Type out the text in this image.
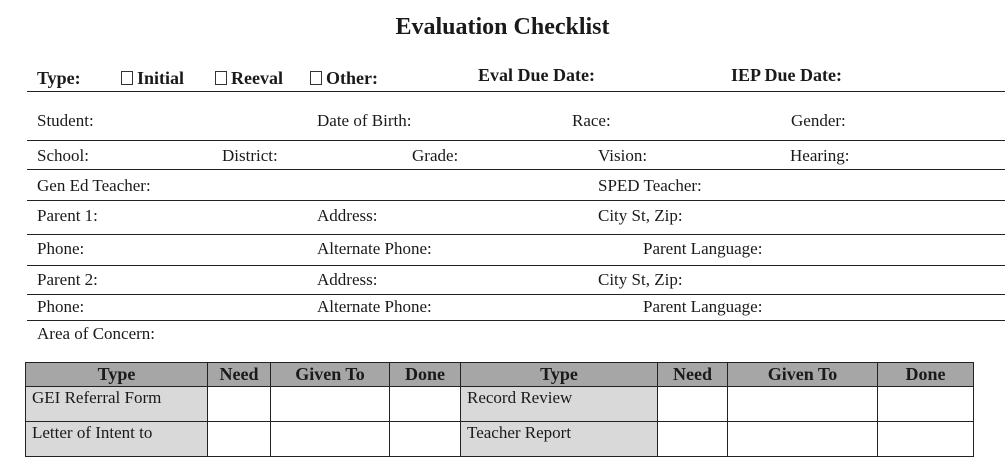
Evaluation Checklist
Type:	Initial	Reeval	Other:	Eval Due Date:	IEP Due Date:
Student:	Date of Birth:	Race:	Gender:
School:	District:	Grade:	Vision:	Hearing:
Gen Ed Teacher:	SPED Teacher:
Parent 1:	Address:	City St, Zip:
Phone:	Alternate Phone:	Parent Language:
Parent 2:	Address:	City St, Zip:
Phone:	Alternate Phone:	Parent Language:
Area of Concern:
Type	Need	Given To	Done	Type	Need	Given To	Done
GEI Referral Form				Record Review			
Letter of Intent to				Teacher Report			
